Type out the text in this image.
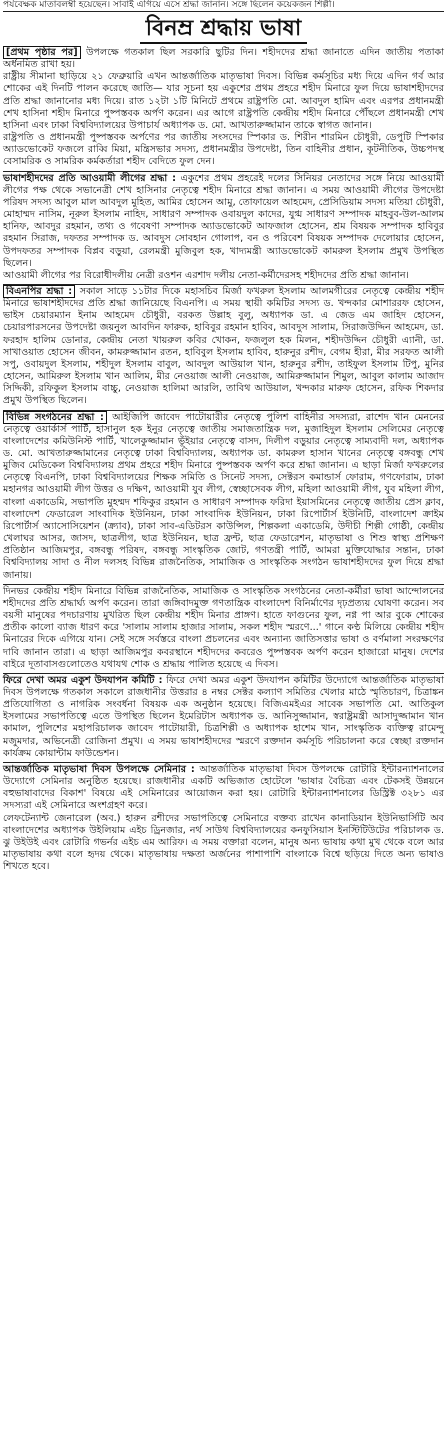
পর্যবেক্ষক মাতাবলম্বী হয়েছেন। সাবাই এগিয়ে এসে শ্রদ্ধা জানান। সঙ্গে ছিলেন কয়েকজন শিল্পী।
বিনম্র শ্রদ্ধায় ভাষা

[প্রথম পৃষ্ঠার পর] উপলক্ষে গতকাল ছিল সরকারি ছুটির দিন। শহীদদের শ্রদ্ধা জানাতে এদিন জাতীয় পতাকা অর্ধনমিত রাখা হয়।

রাষ্ট্রীয় সীমানা ছাড়িয়ে ২১ ফেব্রুয়ারি এখন আন্তর্জাতিক মাতৃভাষা দিবস। বিভিন্ন কর্মসূচির মধ্য দিয়ে এদিন গর্ব আর শোকের এই দিনটি পালন করেছে জাতি— যার সূচনা হয় একুশের প্রথম প্রহরে শহীদ মিনারে ফুল দিয়ে ভাষাশহীদদের প্রতি শ্রদ্ধা জানানোর মধ্য দিয়ে। রাত ১২টা ১টি মিনিটে প্রথমে রাষ্ট্রপতি মো. আবদুল হামিদ এবং এরপর প্রধানমন্ত্রী শেখ হাসিনা শহীদ মিনারে পুষ্পস্তবক অর্পণ করেন। এর আগে রাষ্ট্রপতি কেন্দ্রীয় শহীদ মিনারে পৌঁছলে প্রধানমন্ত্রী শেখ হাসিনা এবং ঢাকা বিশ্ববিদ্যালয়ের উপাচার্য অধ্যাপক ড. মো. আখতারুজ্জামান তাকে স্বাগত জানান।

রাষ্ট্রপতি ও প্রধানমন্ত্রী পুষ্পস্তবক অর্পণের পর জাতীয় সংসদের স্পিকার ড. শিরীন শারমিন চৌধুরী, ডেপুটি স্পিকার অ্যাডভোকেট ফজলে রাব্বি মিয়া, মন্ত্রিসভার সদস্য, প্রধানমন্ত্রীর উপদেষ্টা, তিন বাহিনীর প্রধান, কূটনীতিক, উচ্চপদস্থ বেসামরিক ও সামরিক কর্মকর্তারা শহীদ বেদিতে ফুল দেন।

ভাষাশহীদদের প্রতি আওয়ামী লীগের শ্রদ্ধা : একুশের প্রথম প্রহরেই দলের সিনিয়র নেতাদের সঙ্গে নিয়ে আওয়ামী লীগের পক্ষ থেকে সভানেত্রী শেখ হাসিনার নেতৃত্বে শহীদ মিনারে শ্রদ্ধা জানান। এ সময় আওয়ামী লীগের উপদেষ্টা পরিষদ সদস্য আবুল মাল আবদুল মুহিত, আমির হোসেন আমু, তোফায়েল আহমেদ, প্রেসিডিয়াম সদস্য মতিয়া চৌধুরী, মোহাম্মদ নাসিম, নূরুল ইসলাম নাহিদ, সাধারণ সম্পাদক ওবায়দুল কাদের, যুগ্ম সাধারণ সম্পাদক মাহবুব-উল-আলম হানিফ, আবদুর রহমান, তথ্য ও গবেষণা সম্পাদক অ্যাডভোকেট আফজাল হোসেন, শ্রম বিষয়ক সম্পাদক হাবিবুর রহমান সিরাজ, দফতর সম্পাদক ড. আবদুস সোবহান গোলাপ, বন ও পরিবেশ বিষয়ক সম্পাদক দেলোয়ার হোসেন, উপদফতর সম্পাদক বিপ্লব বড়ুয়া, রেলমন্ত্রী মুজিবুল হক, খাদ্যমন্ত্রী অ্যাডভোকেট কামরুল ইসলাম প্রমুখ উপস্থিত ছিলেন।

আওয়ামী লীগের পর বিরোধীদলীয় নেত্রী রওশন এরশাদ দলীয় নেতা-কর্মীদেরসহ শহীদদের প্রতি শ্রদ্ধা জানান।

বিএনপির শ্রদ্ধা : সকাল সাড়ে ১১টার দিকে মহাসচিব মির্জা ফখরুল ইসলাম আলমগীরের নেতৃত্বে কেন্দ্রীয় শহীদ মিনারে ভাষাশহীদদের প্রতি শ্রদ্ধা জানিয়েছে বিএনপি। এ সময় স্থায়ী কমিটির সদস্য ড. খন্দকার মোশাররফ হোসেন, ভাইস চেয়ারম্যান ইনাম আহমেদ চৌধুরী, বরকত উল্লাহ বুলু, অধ্যাপক ডা. এ জেড এম জাহিদ হোসেন, চেয়ারপারসনের উপদেষ্টা জয়নুল আবদিন ফারুক, হাবিবুর রহমান হাবিব, আবদুস সালাম, সিরাজউদ্দিন আহমেদ, ডা. ফরহাদ হালিম ডোনার, কেন্দ্রীয় নেতা খায়রুল কবির খোকন, ফজলুল হক মিলন, শহীদউদ্দিন চৌধুরী এ্যানী, ডা. সাখাওয়াত হোসেন জীবন, কামরুজ্জামান রতন, হাবিবুল ইসলাম হাবিব, হারুনুর রশীদ, বেগম হীরা, মীর সরফত আলী সপু, ওবায়দুল ইসলাম, শহীদুল ইসলাম বাবুল, আবদুল আউয়াল খান, হারুনুর রশীদ, তাইফুল ইসলাম টিপু, মুনির হোসেন, আমিরুল ইসলাম খান আলিম, মীর নেওয়াজ আলী নেওয়াজ, আমিরুজ্জামান শিমুল, আবুল কালাম আজাদ সিদ্দিকী, রফিকুল ইসলাম বাচ্চু, নেওয়াজ হালিমা আরলি, তাবিথ আউয়াল, খন্দকার মারুফ হোসেন, রফিক শিকদার প্রমুখ উপস্থিত ছিলেন।

বিভিন্ন সংগঠনের শ্রদ্ধা : আইজিপি জাবেদ পাটোয়ারীর নেতৃত্বে পুলিশ বাহিনীর সদস্যরা, রাশেদ খান মেননের নেতৃত্বে ওয়ার্কার্স পার্টি, হাসানুল হক ইনুর নেতৃত্বে জাতীয় সমাজতান্ত্রিক দল, মুজাহিদুল ইসলাম সেলিমের নেতৃত্বে বাংলাদেশের কমিউনিস্ট পার্টি, খালেকুজ্জামান ভূঁইয়ার নেতৃত্বে বাসদ, দিলীপ বড়ুয়ার নেতৃত্বে সাম্যবাদী দল, অধ্যাপক ড. মো. আখতারুজ্জামানের নেতৃত্বে ঢাকা বিশ্ববিদ্যালয়, অধ্যাপক ডা. কামরুল হাসান খানের নেতৃত্বে বঙ্গবন্ধু শেখ মুজিব মেডিকেল বিশ্ববিদ্যালয় প্রথম প্রহরে শহীদ মিনারে পুষ্পস্তবক অর্পণ করে শ্রদ্ধা জানান। এ ছাড়া মির্জা ফখরুলের নেতৃত্বে বিএনপি, ঢাকা বিশ্ববিদ্যালয়ের শিক্ষক সমিতি ও সিনেট সদস্য, সেক্টরস কমান্ডার্স ফোরাম, গণফোরাম, ঢাকা মহানগর আওয়ামী লীগ উত্তর ও দক্ষিণ, আওয়ামী যুব লীগ, স্বেচ্ছাসেবক লীগ, মহিলা আওয়ামী লীগ, যুব মহিলা লীগ, বাংলা একাডেমি, সভাপতি মুহম্মদ শফিকুর রহমান ও সাধারণ সম্পাদক ফরিদা ইয়াসমিনের নেতৃত্বে জাতীয় প্রেস ক্লাব, বাংলাদেশ ফেডারেল সাংবাদিক ইউনিয়ন, ঢাকা সাংবাদিক ইউনিয়ন, ঢাকা রিপোর্টার্স ইউনিটি, বাংলাদেশ ক্রাইম রিপোর্টার্স অ্যাসোসিয়েশন (ক্র্যাব), ঢাকা সাব-এডিটরস কাউন্সিল, শিল্পকলা একাডেমি, উদীচী শিল্পী গোষ্ঠী, কেন্দ্রীয় খেলাঘর আসর, জাসদ, ছাত্রলীগ, ছাত্র ইউনিয়ন, ছাত্র ফ্রন্ট, ছাত্র ফেডারেশন, মাতৃভাষা ও শিশু স্বাস্থ্য প্রশিক্ষণ প্রতিষ্ঠান আজিমপুর, বঙ্গবন্ধু পরিষদ, বঙ্গবন্ধু সাংস্কৃতিক জোট, গণতন্ত্রী পার্টি, আমরা মুক্তিযোদ্ধার সন্তান, ঢাকা বিশ্ববিদ্যালয় সাদা ও নীল দলসহ বিভিন্ন রাজনৈতিক, সামাজিক ও সাংস্কৃতিক সংগঠন ভাষাশহীদদের ফুল দিয়ে শ্রদ্ধা জানায়।

দিনভর কেন্দ্রীয় শহীদ মিনারে বিভিন্ন রাজনৈতিক, সামাজিক ও সাংস্কৃতিক সংগঠনের নেতা-কর্মীরা ভাষা আন্দোলনের শহীদদের প্রতি শ্রদ্ধার্ঘ্য অর্পণ করেন। তারা জঙ্গিবাদমুক্ত গণতান্ত্রিক বাংলাদেশ বিনির্মাণের দৃঢ়প্রত্যয় ঘোষণা করেন। সব বয়সী মানুষের পদচারণায় মুখরিত ছিল কেন্দ্রীয় শহীদ মিনার প্রাঙ্গণ। হাতে ফাগুনের ফুল, নগ্ন পা আর বুকে শোকের প্রতীক কালো ব্যাজ ধারণ করে 'সালাম সালাম হাজার সালাম, সকল শহীদ স্মরণে...' গানে কণ্ঠ মিলিয়ে কেন্দ্রীয় শহীদ মিনারের দিকে এগিয়ে যান। সেই সঙ্গে সর্বস্তরে বাংলা প্রচলনের এবং অন্যান্য জাতিসত্তার ভাষা ও বর্ণমালা সংরক্ষণের দাবি জানান তারা। এ ছাড়া আজিমপুর কবরস্থানে শহীদদের কবরেও পুষ্পস্তবক অর্পণ করেন হাজারো মানুষ। দেশের বাইরে দূতাবাসগুলোতেও যথাযথ শোক ও শ্রদ্ধায় পালিত হয়েছে এ দিবস।

ফিরে দেখা অমর একুশ উদযাপন কমিটি : ফিরে দেখা অমর একুশ উদযাপন কমিটির উদ্যোগে আন্তর্জাতিক মাতৃভাষা দিবস উপলক্ষে গতকাল সকালে রাজধানীর উত্তরার ৪ নম্বর সেক্টর কল্যাণ সমিতির খেলার মাঠে স্মৃতিচারণ, চিত্রাঙ্কন প্রতিযোগিতা ও নাগরিক সংবর্ধনা বিষয়ক এক অনুষ্ঠান হয়েছে। বিজিএমইএর সাবেক সভাপতি মো. আতিকুল ইসলামের সভাপতিত্বে এতে উপস্থিত ছিলেন ইমেরিটাস অধ্যাপক ড. আনিসুজ্জামান, স্বরাষ্ট্রমন্ত্রী আসাদুজ্জামান খান কামাল, পুলিশের মহাপরিচালক জাবেদ পাটোয়ারী, চিত্রশিল্পী ও অধ্যাপক হাশেম খান, সাংস্কৃতিক ব্যক্তিত্ব রামেন্দু মজুমদার, অভিনেত্রী রোজিনা প্রমুখ। এ সময় ভাষাশহীদদের স্মরণে রক্তদান কর্মসূচি পরিচালনা করে স্বেচ্ছা রক্তদান কার্যক্রম কোয়ান্টাম ফাউন্ডেশন।

আন্তর্জাতিক মাতৃভাষা দিবস উপলক্ষে সেমিনার : আন্তর্জাতিক মাতৃভাষা দিবস উপলক্ষে রোটারি ইন্টারন্যাশনালের উদ্যোগে সেমিনার অনুষ্ঠিত হয়েছে। রাজধানীর একটি অভিজাত হোটেলে 'ভাষার বৈচিত্র্য এবং টেকসই উন্নয়নে বহুভাষাবাদের বিকাশ' বিষয়ে এই সেমিনারের আয়োজন করা হয়। রোটারি ইন্টারন্যাশনালের ডিস্ট্রিক্ট ৩২৮১ এর সদস্যরা এই সেমিনারে অংশগ্রহণ করে।

লেফটেন্যান্ট জেনারেল (অব.) হারুন রশীদের সভাপতিত্বে সেমিনারে বক্তব্য রাখেন কানাডিয়ান ইউনিভার্সিটি অব বাংলাদেশের অধ্যাপক উইলিয়াম এইচ ড্রিনজার, নর্থ সাউথ বিশ্ববিদ্যালয়ের কনফুসিয়াস ইনস্টিটিউটের পরিচালক ড. ঝু উইউই এবং রোটারি গভর্নর এইচ এম আরিফ। এ সময় বক্তারা বলেন, মানুষ অন্য ভাষায় কথা মুখ থেকে বলে আর মাতৃভাষায় কথা বলে হৃদয় থেকে। মাতৃভাষায় দক্ষতা অর্জনের পাশাপাশি বাংলাকে বিশ্বে ছড়িয়ে দিতে অন্য ভাষাও শিখতে হবে।
